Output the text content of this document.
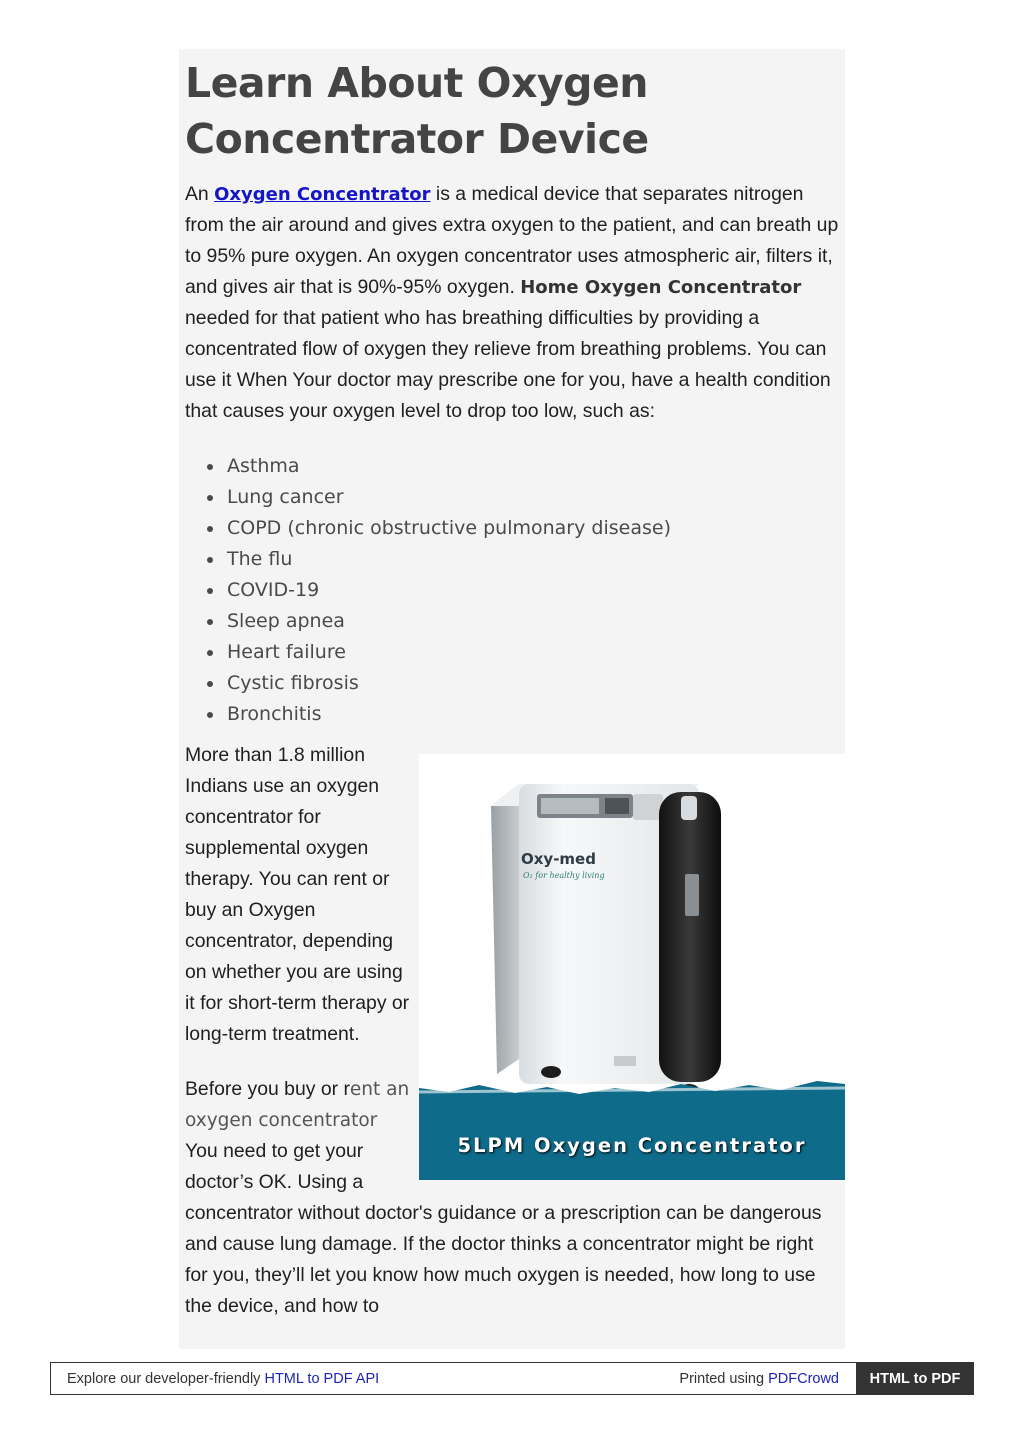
Learn About Oxygen Concentrator Device

An Oxygen Concentrator is a medical device that separates nitrogen from the air around and gives extra oxygen to the patient, and can breath up to 95% pure oxygen. An oxygen concentrator uses atmospheric air, filters it, and gives air that is 90%-95% oxygen. Home Oxygen Concentrator needed for that patient who has breathing difficulties by providing a concentrated flow of oxygen they relieve from breathing problems. You can use it When Your doctor may prescribe one for you, have a health condition that causes your oxygen level to drop too low, such as:

• Asthma
• Lung cancer
• COPD (chronic obstructive pulmonary disease)
• The flu
• COVID-19
• Sleep apnea
• Heart failure
• Cystic fibrosis
• Bronchitis
Oxy-med
O₂ for healthy living
5LPM Oxygen Concentrator

More than 1.8 million Indians use an oxygen concentrator for supplemental oxygen therapy. You can rent or buy an Oxygen concentrator, depending on whether you are using it for short-term therapy or long-term treatment.

Before you buy or rent an oxygen concentrator You need to get your doctor’s OK. Using a concentrator without doctor's guidance or a prescription can be dangerous and cause lung damage. If the doctor thinks a concentrator might be right for you, they’ll let you know how much oxygen is needed, how long to use the device, and how to

Explore our developer-friendly HTML to PDF API	Printed using PDFCrowd	HTML to PDF
